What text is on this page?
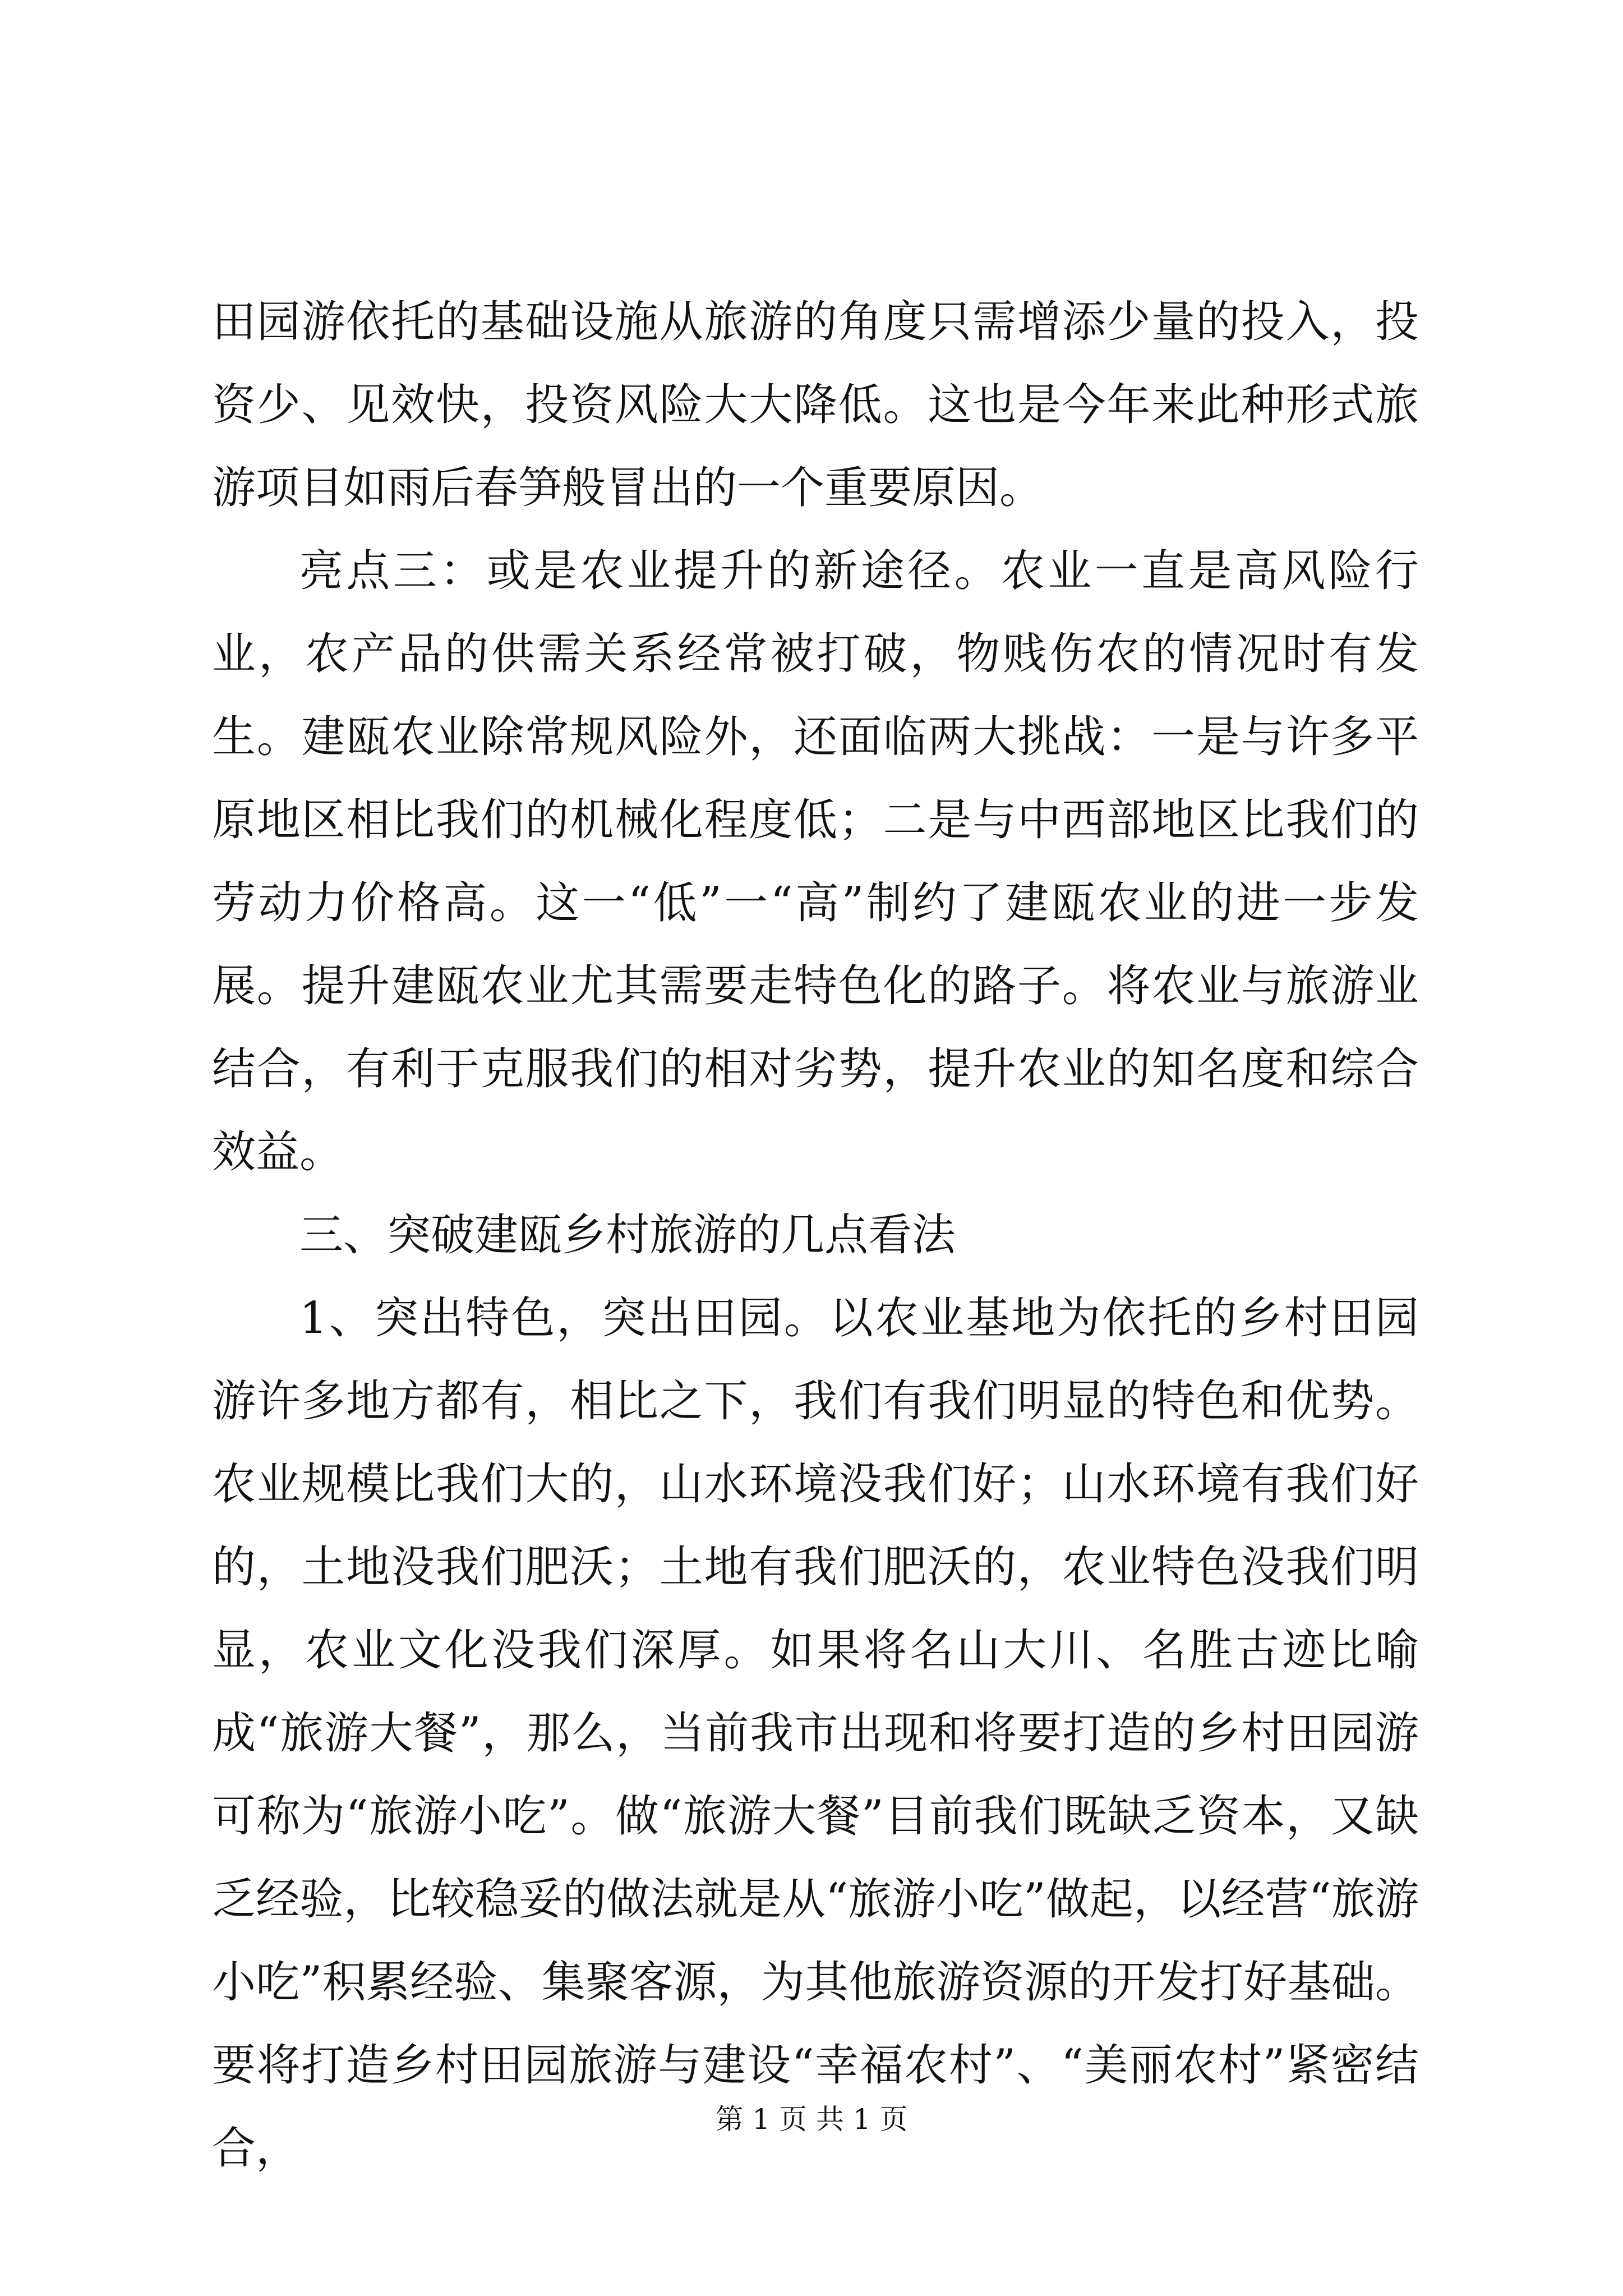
田园游依托的基础设施从旅游的角度只需增添少量的投入，投资少、见效快，投资风险大大降低。这也是今年来此种形式旅游项目如雨后春笋般冒出的一个重要原因。

亮点三：或是农业提升的新途径。农业一直是高风险行业，农产品的供需关系经常被打破，物贱伤农的情况时有发生。建瓯农业除常规风险外，还面临两大挑战：一是与许多平原地区相比我们的机械化程度低；二是与中西部地区比我们的劳动力价格高。这一“低”一“高”制约了建瓯农业的进一步发展。提升建瓯农业尤其需要走特色化的路子。将农业与旅游业结合，有利于克服我们的相对劣势，提升农业的知名度和综合效益。

三、突破建瓯乡村旅游的几点看法

1、突出特色，突出田园。以农业基地为依托的乡村田园游许多地方都有，相比之下，我们有我们明显的特色和优势。农业规模比我们大的，山水环境没我们好；山水环境有我们好的，土地没我们肥沃；土地有我们肥沃的，农业特色没我们明显，农业文化没我们深厚。如果将名山大川、名胜古迹比喻成“旅游大餐”，那么，当前我市出现和将要打造的乡村田园游可称为“旅游小吃”。做“旅游大餐”目前我们既缺乏资本，又缺乏经验，比较稳妥的做法就是从“旅游小吃”做起，以经营“旅游小吃”积累经验、集聚客源，为其他旅游资源的开发打好基础。要将打造乡村田园旅游与建设“幸福农村”、“美丽农村”紧密结合，

第 1 页 共 1 页
